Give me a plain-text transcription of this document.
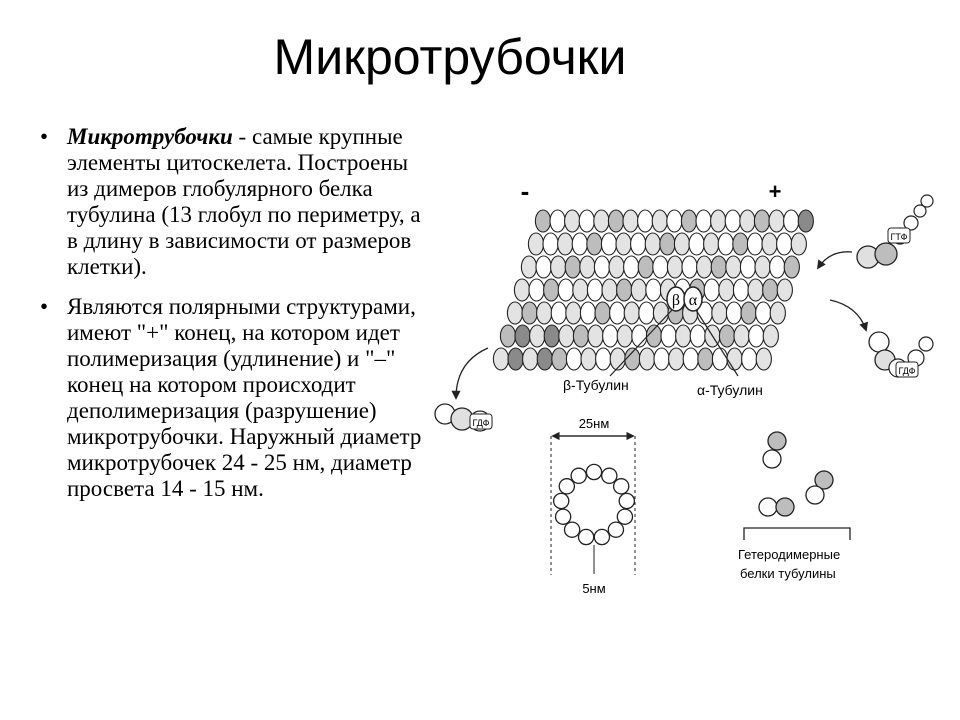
Микротрубочки
• Микротрубочки - самые крупные элементы цитоскелета. Построены из димеров глобулярного белка тубулина (13 глобул по периметру, а в длину в зависимости от размеров клетки).
• Являются полярными структурами, имеют "+" конец, на котором идет полимеризация (удлинение) и "–" конец на котором происходит деполимеризация (разрушение) микротрубочки. Наружный диаметр микротрубочек 24 - 25 нм, диаметр просвета 14 - 15 нм.
-	+
β α
β-Тубулин	α-Тубулин
ГТФ
ГДФ
ГДФ	25нм
5нм
Гетеродимерные
белки тубулины
